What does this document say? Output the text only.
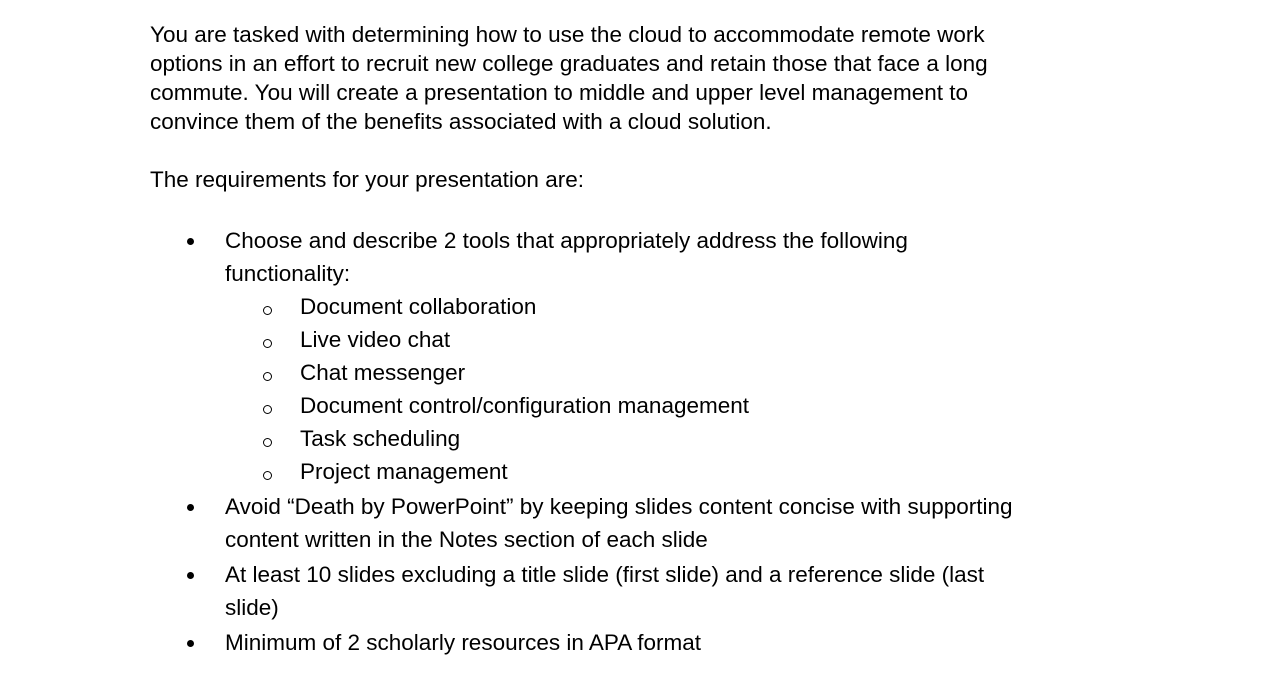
You are tasked with determining how to use the cloud to accommodate remote work
options in an effort to recruit new college graduates and retain those that face a long
commute. You will create a presentation to middle and upper level management to
convince them of the benefits associated with a cloud solution.

The requirements for your presentation are:

Choose and describe 2 tools that appropriately address the following
functionality:
Document collaboration
Live video chat
Chat messenger
Document control/configuration management
Task scheduling
Project management
Avoid “Death by PowerPoint” by keeping slides content concise with supporting
content written in the Notes section of each slide
At least 10 slides excluding a title slide (first slide) and a reference slide (last
slide)
Minimum of 2 scholarly resources in APA format
